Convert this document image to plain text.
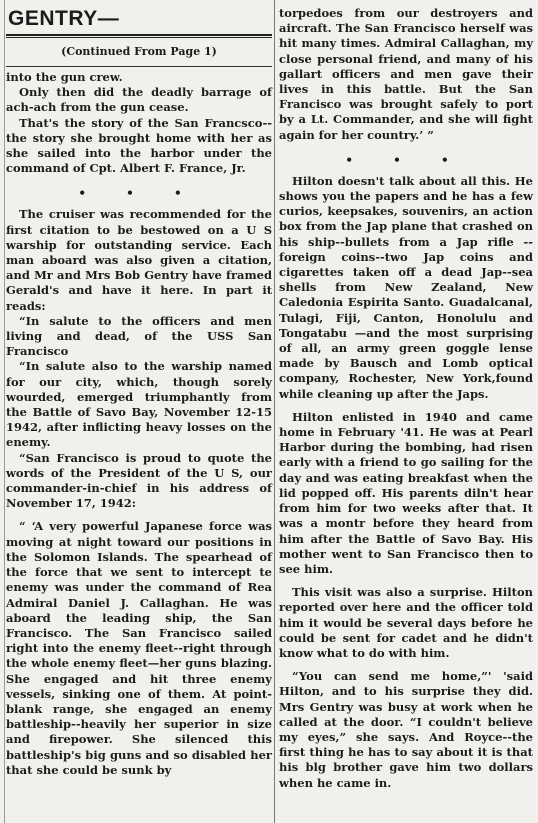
GENTRY—
(Continued From Page 1)

into the gun crew.

Only then did the deadly barrage of ach-ach from the gun cease.

That's the story of the San Francsco-- the story she brought home with her as she sailed into the harbor under the command of Cpt. Albert F. France, Jr.

• • •

The cruiser was recommended for the first citation to be bestowed on a U S warship for outstanding service. Each man aboard was also given a citation, and Mr and Mrs Bob Gentry have framed Gerald's and have it here. In part it reads:

“In salute to the officers and men living and dead, of the USS San Francisco

“In salute also to the warship named for our city, which, though sorely wourded, emerged triumphantly from the Battle of Savo Bay, November 12-15 1942, after inflicting heavy losses on the enemy.

“San Francisco is proud to quote the words of the President of the U S, our commander-in-chief in his address of November 17, 1942:

“ ‘A very powerful Japanese force was moving at night toward our positions in the Solomon Islands. The spearhead of the force that we sent to intercept te enemy was under the command of Rea Admiral Daniel J. Callaghan. He was aboard the leading ship, the San Francisco. The San Francisco sailed right into the enemy fleet--right through the whole enemy fleet—her guns blazing. She engaged and hit three enemy vessels, sinking one of them. At point-blank range, she engaged an enemy battleship--heavily her superior in size and firepower. She silenced this battleship's big guns and so disabled her that she could be sunk by

torpedoes from our destroyers and aircraft. The San Francisco herself was hit many times. Admiral Callaghan, my close personal friend, and many of his gallart officers and men gave their lives in this battle. But the San Francisco was brought safely to port by a Lt. Commander, and she will fight again for her country.’ ”

• • •

Hilton doesn't talk about all this. He shows you the papers and he has a few curios, keepsakes, souvenirs, an action box from the Jap plane that crashed on his ship--bullets from a Jap rifle --foreign coins--two Jap coins and cigarettes taken off a dead Jap--sea shells from New Zealand, New Caledonia Espirita Santo. Guadalcanal, Tulagi, Fiji, Canton, Honolulu and Tongatabu —and the most surprising of all, an army green goggle lense made by Bausch and Lomb optical company, Rochester, New York,found while cleaning up after the Japs.

Hilton enlisted in 1940 and came home in February '41. He was at Pearl Harbor during the bombing, had risen early with a friend to go sailing for the day and was eating breakfast when the lid popped off. His parents diln't hear from him for two weeks after that. It was a montr before they heard from him after the Battle of Savo Bay. His mother went to San Francisco then to see him.

This visit was also a surprise. Hilton reported over here and the officer told him it would be several days before he could be sent for cadet and he didn't know what to do with him.

“You can send me home,”' 'said Hilton, and to his surprise they did. Mrs Gentry was busy at work when he called at the door. “I couldn't believe my eyes,” she says. And Royce--the first thing he has to say about it is that his blg brother gave him two dollars when he came in.
